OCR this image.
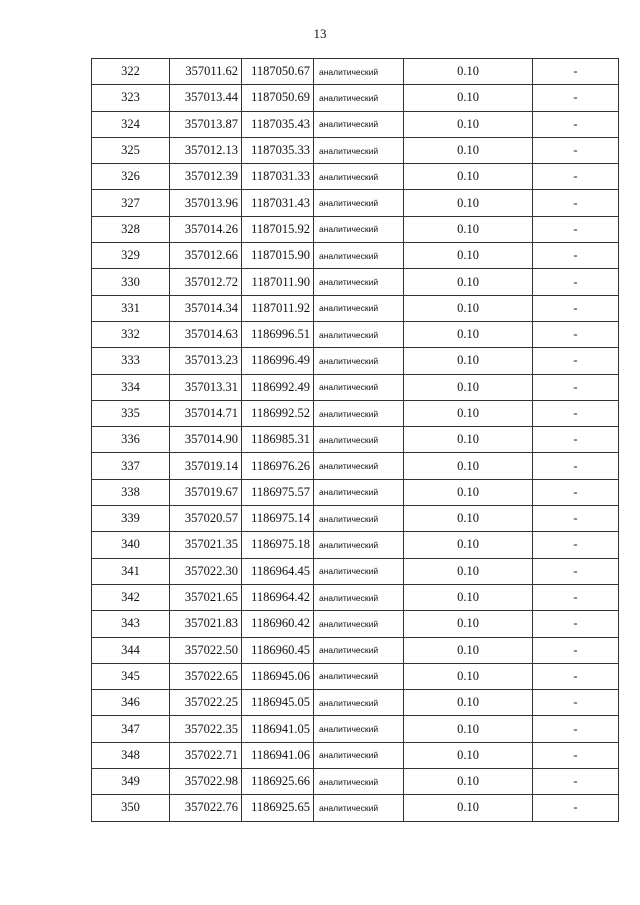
13
322	357011.62	1187050.67	аналитический	0.10	-
323	357013.44	1187050.69	аналитический	0.10	-
324	357013.87	1187035.43	аналитический	0.10	-
325	357012.13	1187035.33	аналитический	0.10	-
326	357012.39	1187031.33	аналитический	0.10	-
327	357013.96	1187031.43	аналитический	0.10	-
328	357014.26	1187015.92	аналитический	0.10	-
329	357012.66	1187015.90	аналитический	0.10	-
330	357012.72	1187011.90	аналитический	0.10	-
331	357014.34	1187011.92	аналитический	0.10	-
332	357014.63	1186996.51	аналитический	0.10	-
333	357013.23	1186996.49	аналитический	0.10	-
334	357013.31	1186992.49	аналитический	0.10	-
335	357014.71	1186992.52	аналитический	0.10	-
336	357014.90	1186985.31	аналитический	0.10	-
337	357019.14	1186976.26	аналитический	0.10	-
338	357019.67	1186975.57	аналитический	0.10	-
339	357020.57	1186975.14	аналитический	0.10	-
340	357021.35	1186975.18	аналитический	0.10	-
341	357022.30	1186964.45	аналитический	0.10	-
342	357021.65	1186964.42	аналитический	0.10	-
343	357021.83	1186960.42	аналитический	0.10	-
344	357022.50	1186960.45	аналитический	0.10	-
345	357022.65	1186945.06	аналитический	0.10	-
346	357022.25	1186945.05	аналитический	0.10	-
347	357022.35	1186941.05	аналитический	0.10	-
348	357022.71	1186941.06	аналитический	0.10	-
349	357022.98	1186925.66	аналитический	0.10	-
350	357022.76	1186925.65	аналитический	0.10	-
